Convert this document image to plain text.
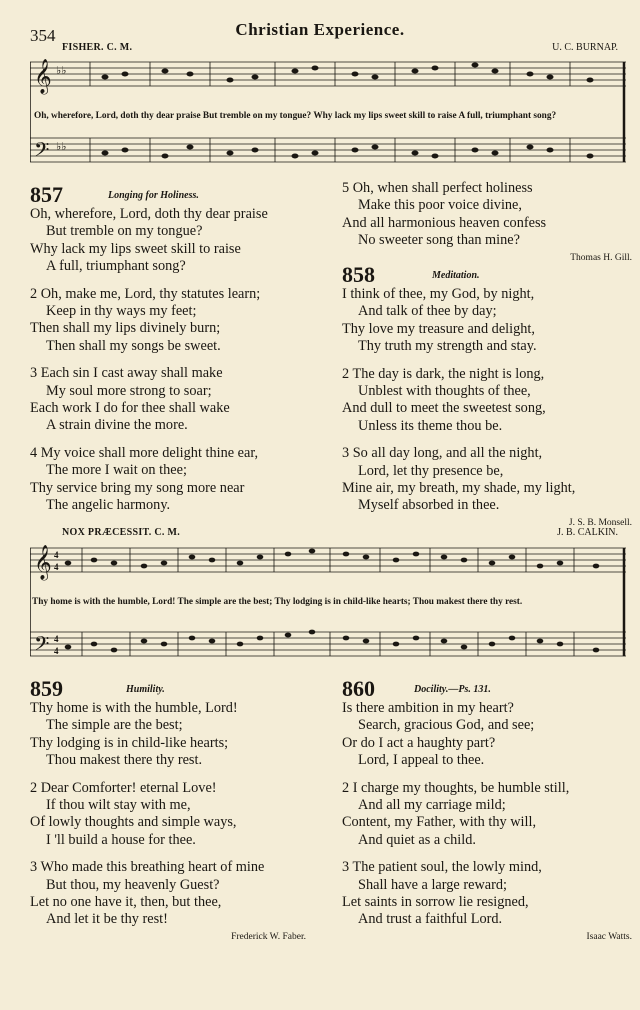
354	Christian Experience.
FISHER. C. M.	U. C. BURNAP.
𝄞
𝄢
♭♭
♭♭
Oh, wherefore, Lord, doth thy dear praise But tremble on my tongue? Why lack my lips sweet skill to raise A full, triumphant song?
857	Longing for Holiness.
Oh, wherefore, Lord, doth thy dear praise
But tremble on my tongue?
Why lack my lips sweet skill to raise
A full, triumphant song?
2 Oh, make me, Lord, thy statutes learn;
Keep in thy ways my feet;
Then shall my lips divinely burn;
Then shall my songs be sweet.
3 Each sin I cast away shall make
My soul more strong to soar;
Each work I do for thee shall wake
A strain divine the more.
4 My voice shall more delight thine ear,
The more I wait on thee;
Thy service bring my song more near
The angelic harmony.
5 Oh, when shall perfect holiness
Make this poor voice divine,
And all harmonious heaven confess
No sweeter song than mine?
Thomas H. Gill.
858	Meditation.
I think of thee, my God, by night,
And talk of thee by day;
Thy love my treasure and delight,
Thy truth my strength and stay.
2 The day is dark, the night is long,
Unblest with thoughts of thee,
And dull to meet the sweetest song,
Unless its theme thou be.
3 So all day long, and all the night,
Lord, let thy presence be,
Mine air, my breath, my shade, my light,
Myself absorbed in thee.
J. S. B. Monsell.
NOX PRÆCESSIT. C. M.	J. B. CALKIN.
𝄞
𝄢
4
4
4
4
Thy home is with the humble, Lord! The simple are the best; Thy lodging is in child-like hearts; Thou makest there thy rest.
859	Humility.
Thy home is with the humble, Lord!
The simple are the best;
Thy lodging is in child-like hearts;
Thou makest there thy rest.
2 Dear Comforter! eternal Love!
If thou wilt stay with me,
Of lowly thoughts and simple ways,
I 'll build a house for thee.
3 Who made this breathing heart of mine
But thou, my heavenly Guest?
Let no one have it, then, but thee,
And let it be thy rest!
Frederick W. Faber.
860	Docility.—Ps. 131.
Is there ambition in my heart?
Search, gracious God, and see;
Or do I act a haughty part?
Lord, I appeal to thee.
2 I charge my thoughts, be humble still,
And all my carriage mild;
Content, my Father, with thy will,
And quiet as a child.
3 The patient soul, the lowly mind,
Shall have a large reward;
Let saints in sorrow lie resigned,
And trust a faithful Lord.
Isaac Watts.
